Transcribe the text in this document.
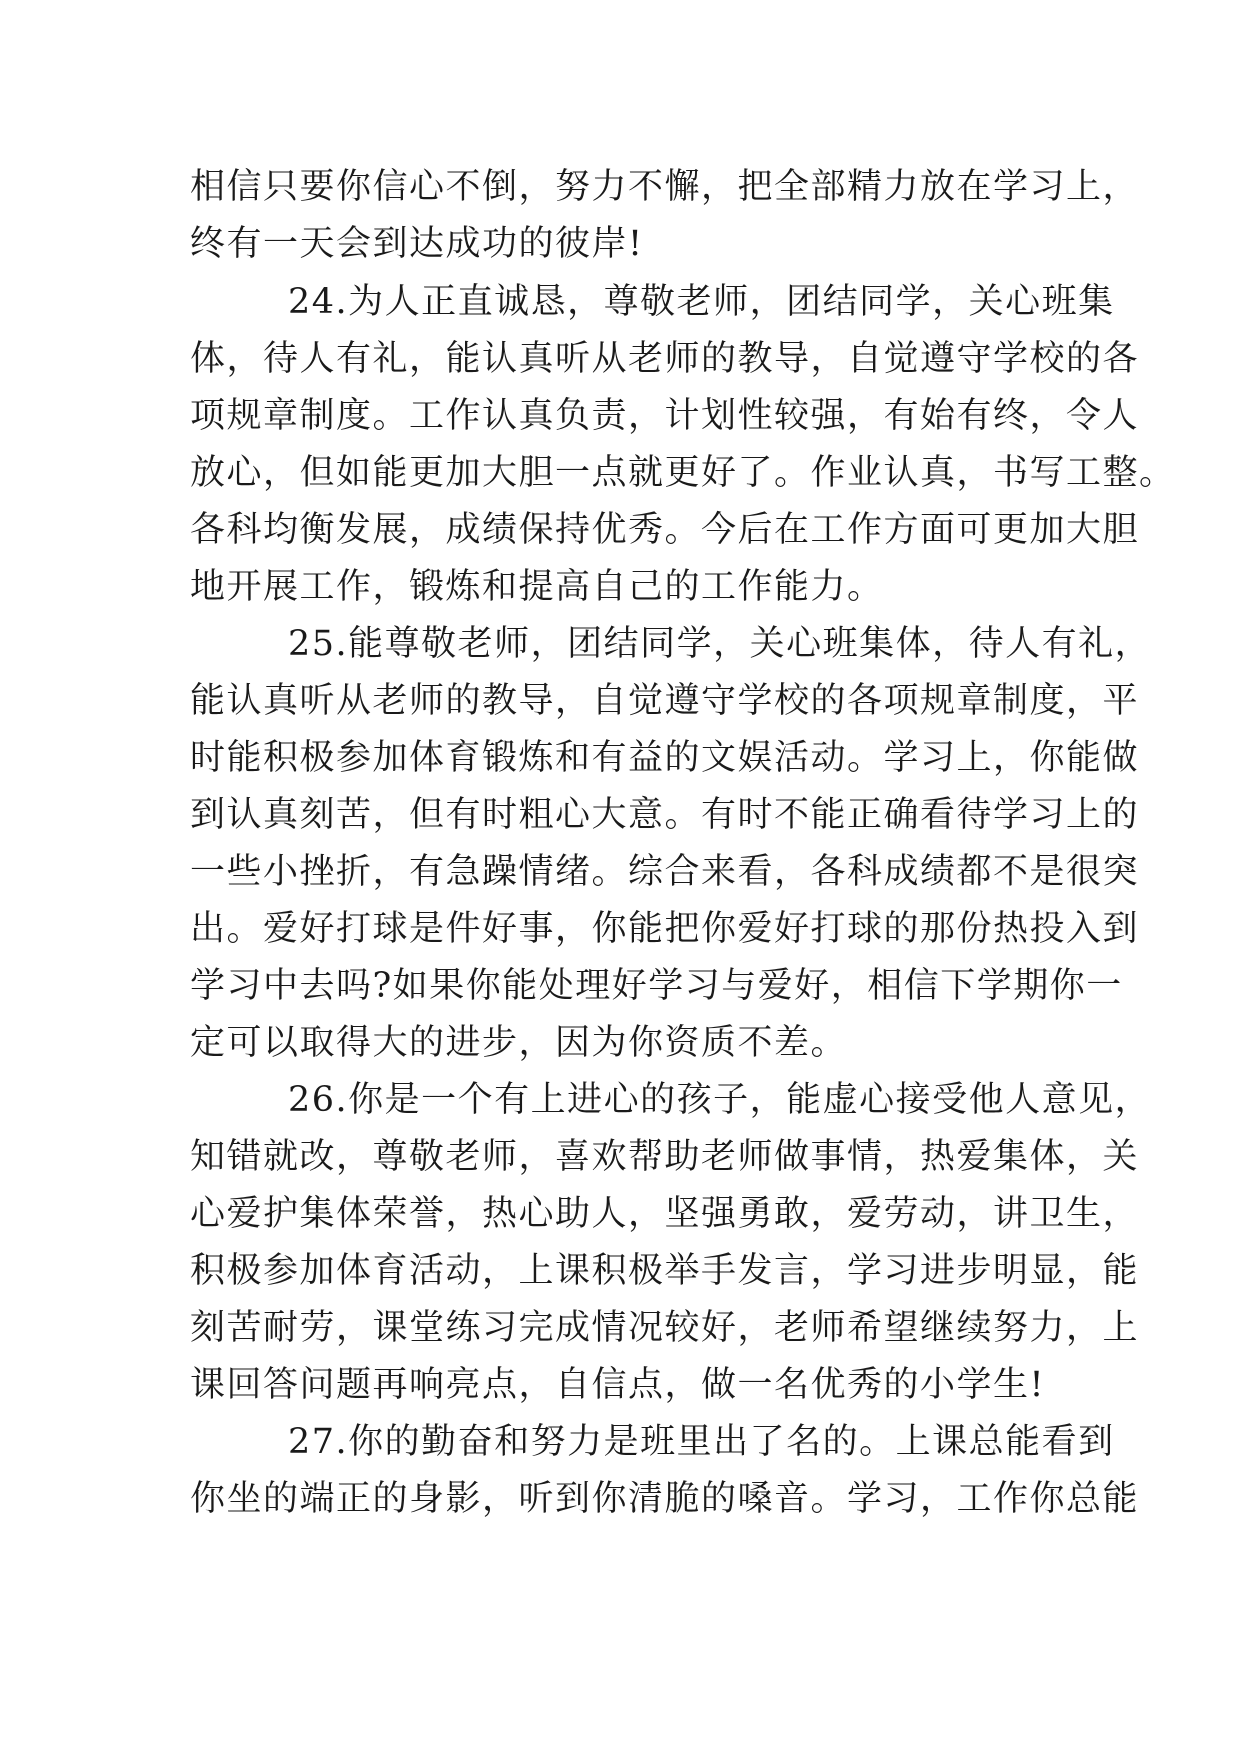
相信只要你信心不倒，努力不懈，把全部精力放在学习上，

终有一天会到达成功的彼岸!

24.为人正直诚恳，尊敬老师，团结同学，关心班集

体，待人有礼，能认真听从老师的教导，自觉遵守学校的各

项规章制度。工作认真负责，计划性较强，有始有终，令人

放心，但如能更加大胆一点就更好了。作业认真，书写工整。

各科均衡发展，成绩保持优秀。今后在工作方面可更加大胆

地开展工作，锻炼和提高自己的工作能力。

25.能尊敬老师，团结同学，关心班集体，待人有礼，

能认真听从老师的教导，自觉遵守学校的各项规章制度，平

时能积极参加体育锻炼和有益的文娱活动。学习上，你能做

到认真刻苦，但有时粗心大意。有时不能正确看待学习上的

一些小挫折，有急躁情绪。综合来看，各科成绩都不是很突

出。爱好打球是件好事，你能把你爱好打球的那份热投入到

学习中去吗?如果你能处理好学习与爱好，相信下学期你一

定可以取得大的进步，因为你资质不差。

26.你是一个有上进心的孩子，能虚心接受他人意见，

知错就改，尊敬老师，喜欢帮助老师做事情，热爱集体，关

心爱护集体荣誉，热心助人，坚强勇敢，爱劳动，讲卫生，

积极参加体育活动，上课积极举手发言，学习进步明显，能

刻苦耐劳，课堂练习完成情况较好，老师希望继续努力，上

课回答问题再响亮点，自信点，做一名优秀的小学生!

27.你的勤奋和努力是班里出了名的。上课总能看到

你坐的端正的身影，听到你清脆的嗓音。学习，工作你总能
